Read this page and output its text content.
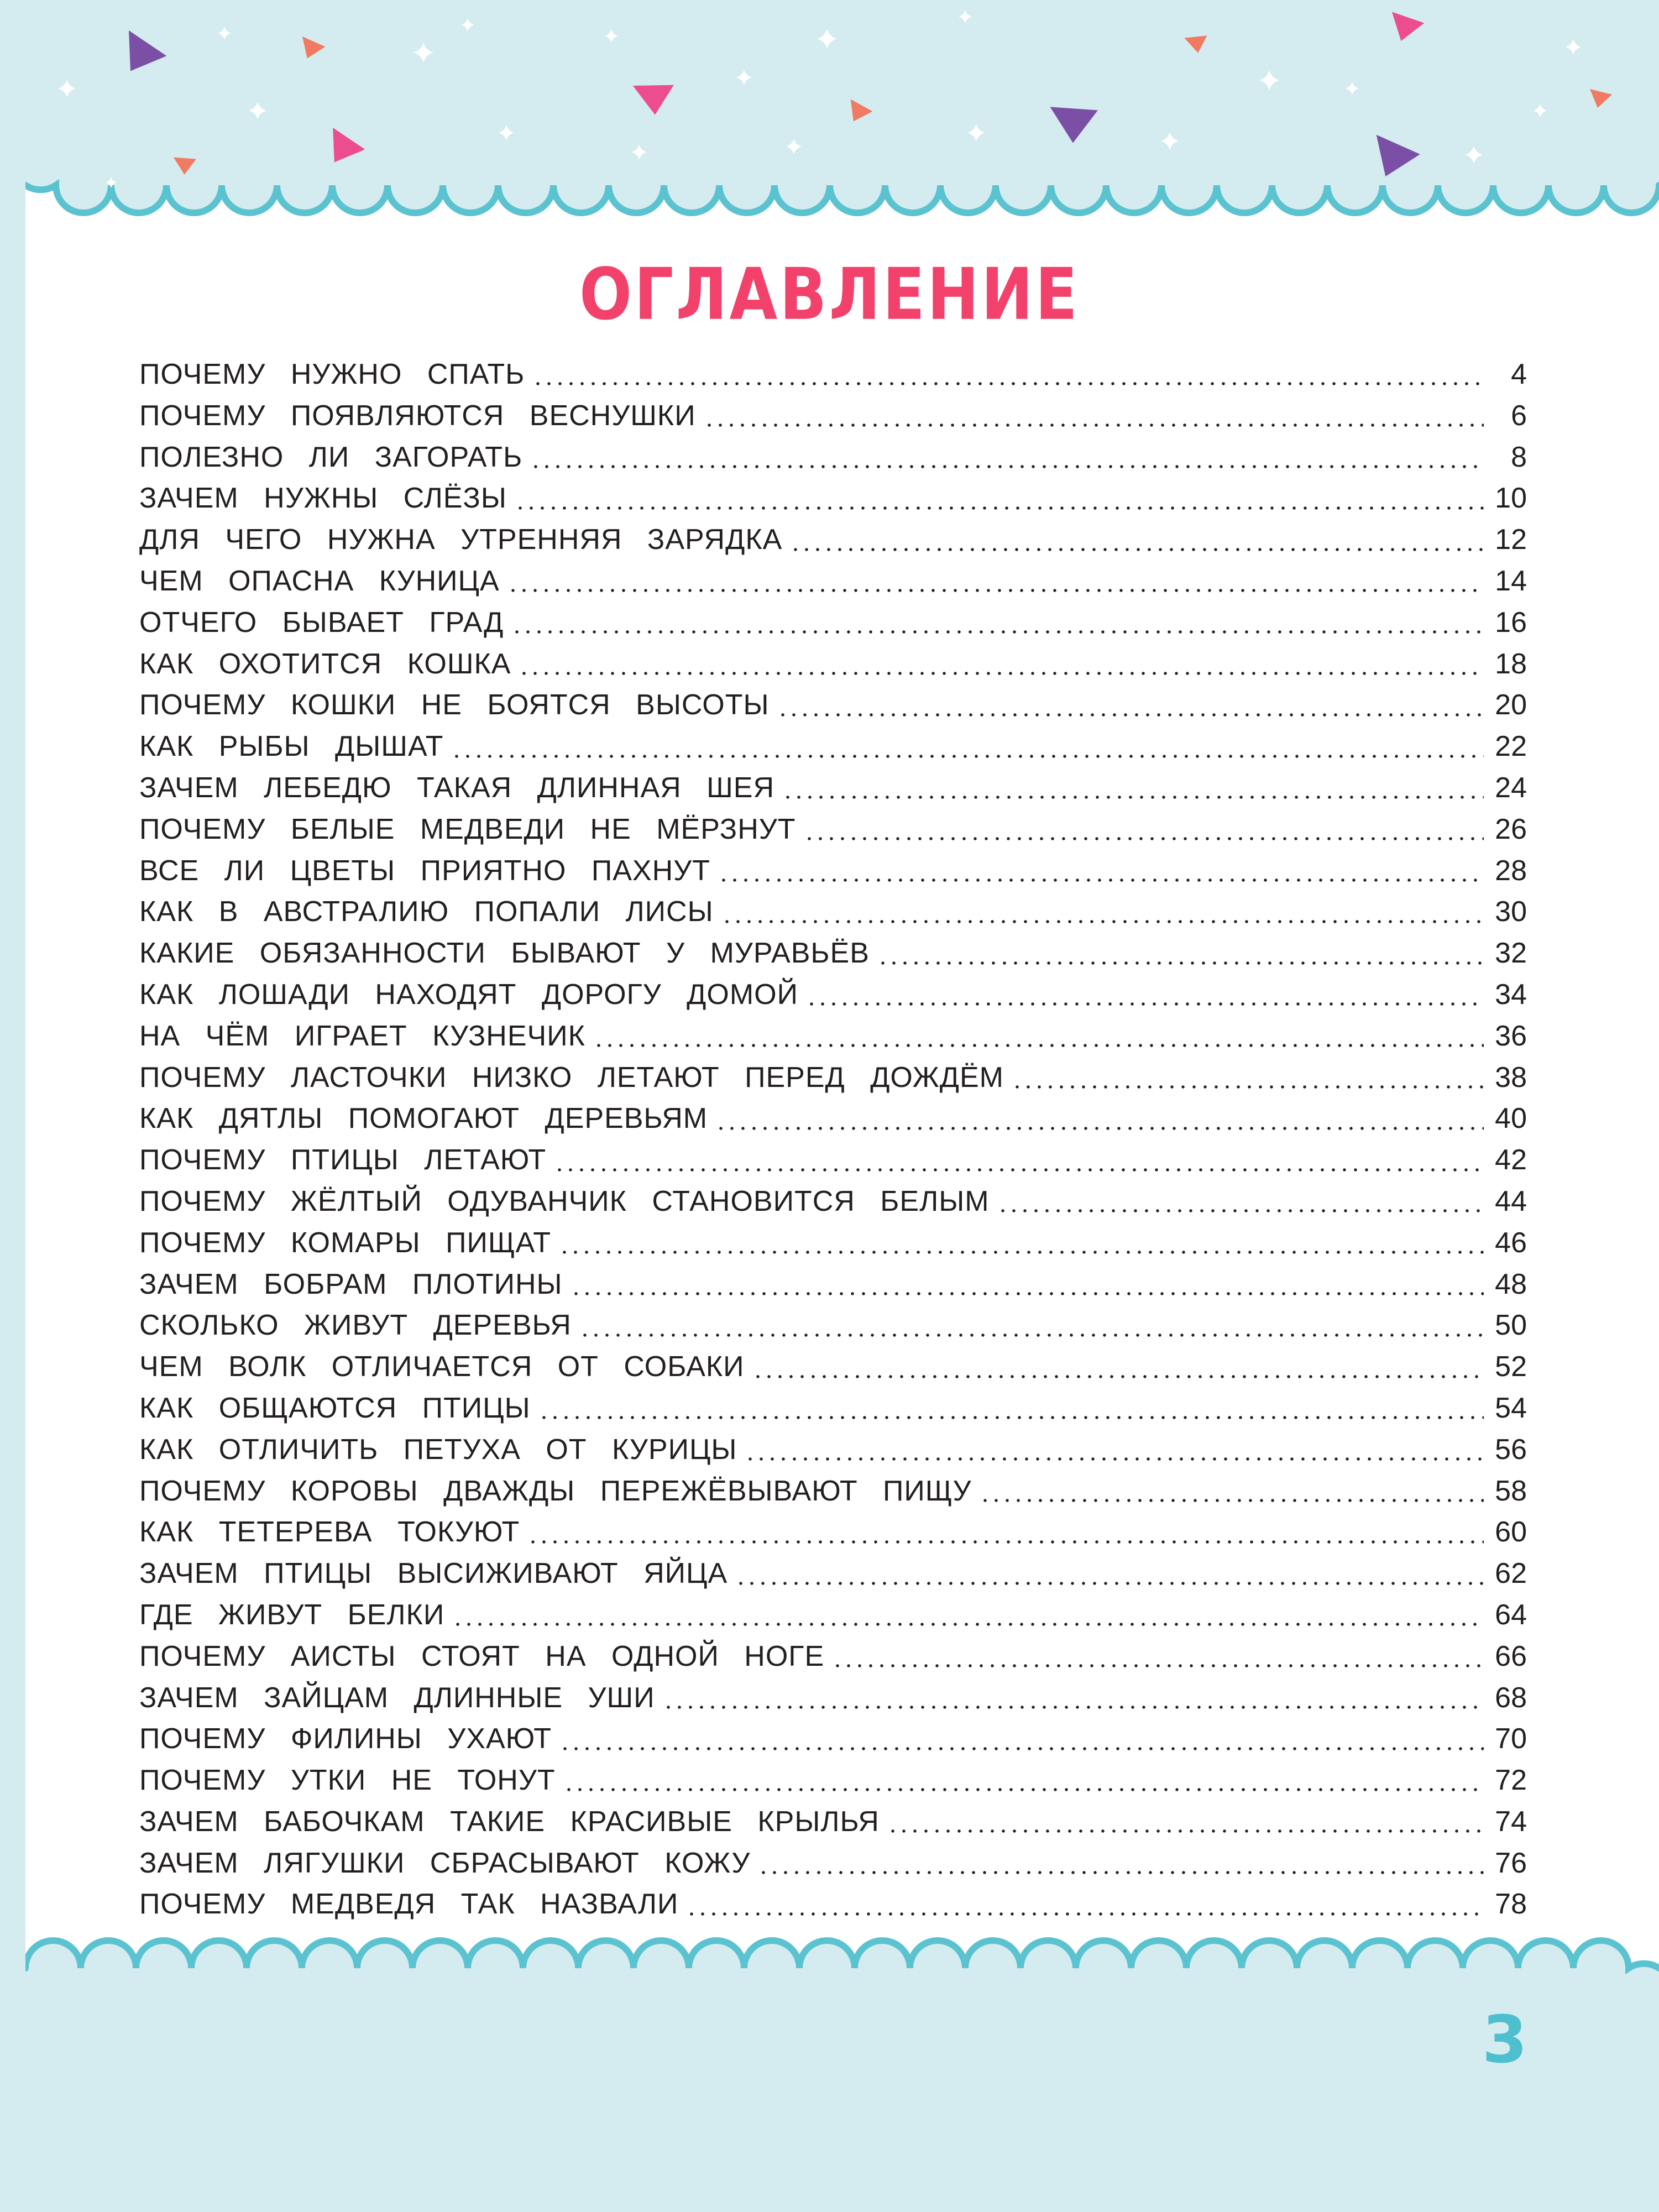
ОГЛАВЛЕНИЕ
ПОЧЕМУ НУЖНО СПАТЬ	4
ПОЧЕМУ ПОЯВЛЯЮТСЯ ВЕСНУШКИ	6
ПОЛЕЗНО ЛИ ЗАГОРАТЬ	8
ЗАЧЕМ НУЖНЫ СЛЁЗЫ	10
ДЛЯ ЧЕГО НУЖНА УТРЕННЯЯ ЗАРЯДКА	12
ЧЕМ ОПАСНА КУНИЦА	14
ОТЧЕГО БЫВАЕТ ГРАД	16
КАК ОХОТИТСЯ КОШКА	18
ПОЧЕМУ КОШКИ НЕ БОЯТСЯ ВЫСОТЫ	20
КАК РЫБЫ ДЫШАТ	22
ЗАЧЕМ ЛЕБЕДЮ ТАКАЯ ДЛИННАЯ ШЕЯ	24
ПОЧЕМУ БЕЛЫЕ МЕДВЕДИ НЕ МЁРЗНУТ	26
ВСЕ ЛИ ЦВЕТЫ ПРИЯТНО ПАХНУТ	28
КАК В АВСТРАЛИЮ ПОПАЛИ ЛИСЫ	30
КАКИЕ ОБЯЗАННОСТИ БЫВАЮТ У МУРАВЬЁВ	32
КАК ЛОШАДИ НАХОДЯТ ДОРОГУ ДОМОЙ	34
НА ЧЁМ ИГРАЕТ КУЗНЕЧИК	36
ПОЧЕМУ ЛАСТОЧКИ НИЗКО ЛЕТАЮТ ПЕРЕД ДОЖДЁМ	38
КАК ДЯТЛЫ ПОМОГАЮТ ДЕРЕВЬЯМ	40
ПОЧЕМУ ПТИЦЫ ЛЕТАЮТ	42
ПОЧЕМУ ЖЁЛТЫЙ ОДУВАНЧИК СТАНОВИТСЯ БЕЛЫМ	44
ПОЧЕМУ КОМАРЫ ПИЩАТ	46
ЗАЧЕМ БОБРАМ ПЛОТИНЫ	48
СКОЛЬКО ЖИВУТ ДЕРЕВЬЯ	50
ЧЕМ ВОЛК ОТЛИЧАЕТСЯ ОТ СОБАКИ	52
КАК ОБЩАЮТСЯ ПТИЦЫ	54
КАК ОТЛИЧИТЬ ПЕТУХА ОТ КУРИЦЫ	56
ПОЧЕМУ КОРОВЫ ДВАЖДЫ ПЕРЕЖЁВЫВАЮТ ПИЩУ	58
КАК ТЕТЕРЕВА ТОКУЮТ	60
ЗАЧЕМ ПТИЦЫ ВЫСИЖИВАЮТ ЯЙЦА	62
ГДЕ ЖИВУТ БЕЛКИ	64
ПОЧЕМУ АИСТЫ СТОЯТ НА ОДНОЙ НОГЕ	66
ЗАЧЕМ ЗАЙЦАМ ДЛИННЫЕ УШИ	68
ПОЧЕМУ ФИЛИНЫ УХАЮТ	70
ПОЧЕМУ УТКИ НЕ ТОНУТ	72
ЗАЧЕМ БАБОЧКАМ ТАКИЕ КРАСИВЫЕ КРЫЛЬЯ	74
ЗАЧЕМ ЛЯГУШКИ СБРАСЫВАЮТ КОЖУ	76
ПОЧЕМУ МЕДВЕДЯ ТАК НАЗВАЛИ	78
3
